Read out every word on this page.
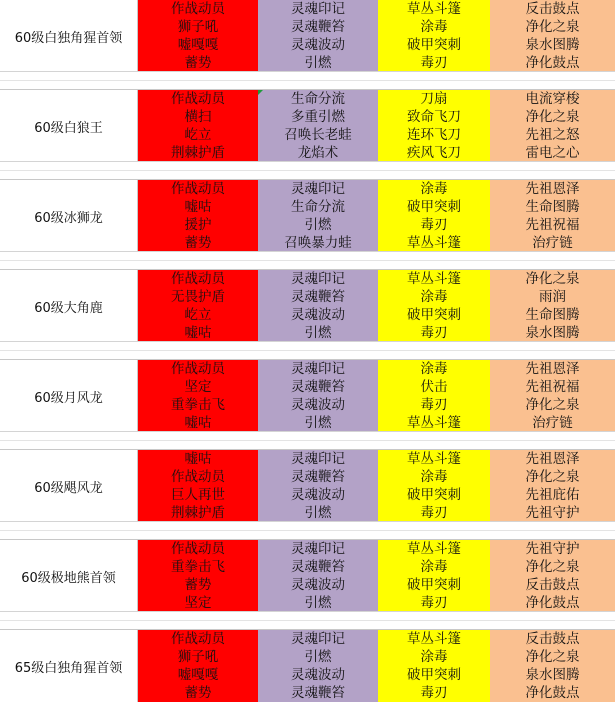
60级白独角猩首领
作战动员
狮子吼
嘘嘎嘎
蓄势
灵魂印记
灵魂鞭笞
灵魂波动
引燃
草丛斗篷
涂毒
破甲突刺
毒刃
反击鼓点
净化之泉
泉水图腾
净化鼓点
60级白狼王
作战动员
横扫
屹立
荆棘护盾
生命分流
多重引燃
召唤长老蛙
龙焰术
刀扇
致命飞刀
连环飞刀
疾风飞刀
电流穿梭
净化之泉
先祖之怒
雷电之心
60级冰狮龙
作战动员
嘘咕
援护
蓄势
灵魂印记
生命分流
引燃
召唤暴力蛙
涂毒
破甲突刺
毒刃
草丛斗篷
先祖恩泽
生命图腾
先祖祝福
治疗链
60级大角鹿
作战动员
无畏护盾
屹立
嘘咕
灵魂印记
灵魂鞭笞
灵魂波动
引燃
草丛斗篷
涂毒
破甲突刺
毒刃
净化之泉
雨润
生命图腾
泉水图腾
60级月风龙
作战动员
坚定
重拳击飞
嘘咕
灵魂印记
灵魂鞭笞
灵魂波动
引燃
涂毒
伏击
毒刃
草丛斗篷
先祖恩泽
先祖祝福
净化之泉
治疗链
60级飓风龙
嘘咕
作战动员
巨人再世
荆棘护盾
灵魂印记
灵魂鞭笞
灵魂波动
引燃
草丛斗篷
涂毒
破甲突刺
毒刃
先祖恩泽
净化之泉
先祖庇佑
先祖守护
60级极地熊首领
作战动员
重拳击飞
蓄势
坚定
灵魂印记
灵魂鞭笞
灵魂波动
引燃
草丛斗篷
涂毒
破甲突刺
毒刃
先祖守护
净化之泉
反击鼓点
净化鼓点
65级白独角猩首领
作战动员
狮子吼
嘘嘎嘎
蓄势
灵魂印记
引燃
灵魂波动
灵魂鞭笞
草丛斗篷
涂毒
破甲突刺
毒刃
反击鼓点
净化之泉
泉水图腾
净化鼓点
